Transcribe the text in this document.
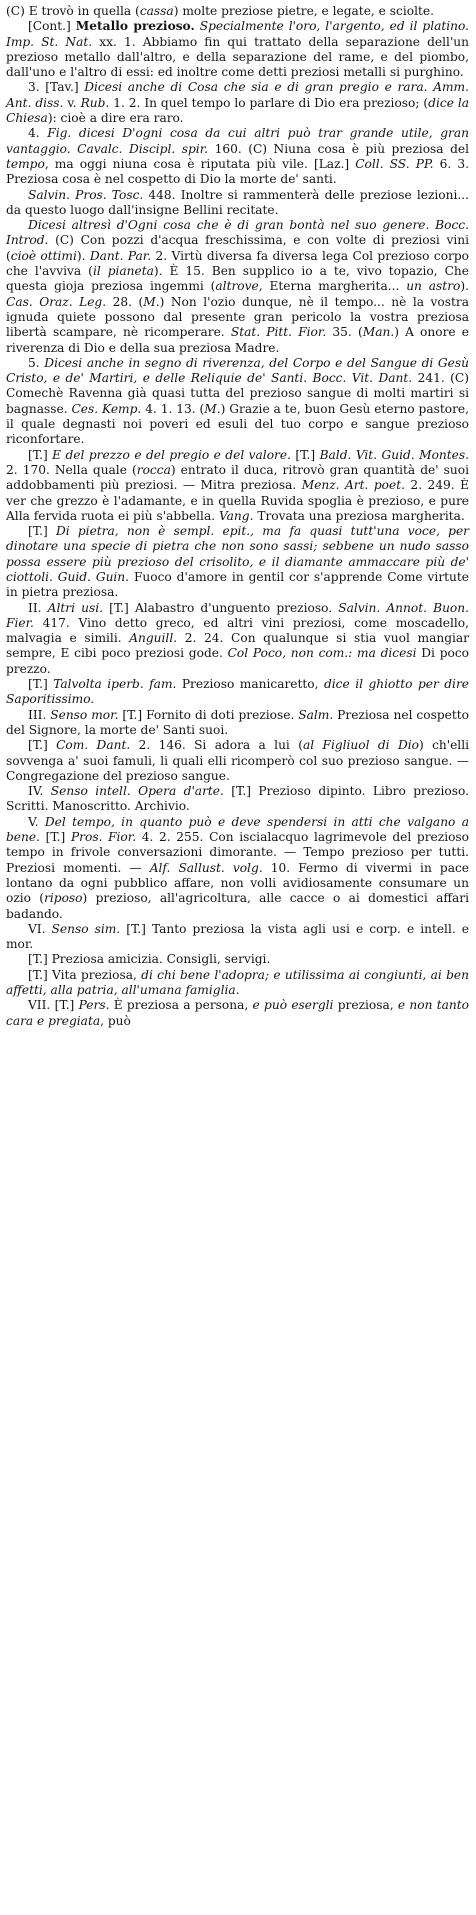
(C) E trovò in quella (cassa) molte preziose pietre, e legate, e sciolte.

[Cont.] Metallo prezioso. Specialmente l'oro, l'argento, ed il platino. Imp. St. Nat. xx. 1. Abbiamo fin qui trattato della separazione dell'un prezioso metallo dall'altro, e della separazione del rame, e del piombo, dall'uno e l'altro di essi: ed inoltre come detti preziosi metalli si purghino.

3. [Tav.] Dicesi anche di Cosa che sia e di gran pregio e rara. Amm. Ant. diss. v. Rub. 1. 2. In quel tempo lo parlare di Dio era prezioso; (dice la Chiesa): cioè a dire era raro.

4. Fig. dicesi D'ogni cosa da cui altri può trar grande utile, gran vantaggio. Cavalc. Discipl. spir. 160. (C) Niuna cosa è più preziosa del tempo, ma oggi niuna cosa è riputata più vile. [Laz.] Coll. SS. PP. 6. 3. Preziosa cosa è nel cospetto di Dio la morte de' santi.

Salvin. Pros. Tosc. 448. Inoltre si rammenterà delle preziose lezioni... da questo luogo dall'insigne Bellini recitate.

Dicesi altresì d'Ogni cosa che è di gran bontà nel suo genere. Bocc. Introd. (C) Con pozzi d'acqua freschissima, e con volte di preziosi vini (cioè ottimi). Dant. Par. 2. Virtù diversa fa diversa lega Col prezioso corpo che l'avviva (il pianeta). È 15. Ben supplico io a te, vivo topazio, Che questa gioja preziosa ingemmi (altrove, Eterna margherita... un astro). Cas. Oraz. Leg. 28. (M.) Non l'ozio dunque, nè il tempo... nè la vostra ignuda quiete possono dal presente gran pericolo la vostra preziosa libertà scampare, nè ricomperare. Stat. Pitt. Fior. 35. (Man.) A onore e riverenza di Dio e della sua preziosa Madre.

5. Dicesi anche in segno di riverenza, del Corpo e del Sangue di Gesù Cristo, e de' Martiri, e delle Reliquie de' Santi. Bocc. Vit. Dant. 241. (C) Comechè Ravenna già quasi tutta del prezioso sangue di molti martiri si bagnasse. Ces. Kemp. 4. 1. 13. (M.) Grazie a te, buon Gesù eterno pastore, il quale degnasti noi poveri ed esuli del tuo corpo e sangue prezioso riconfortare.

[T.] E del prezzo e del pregio e del valore. [T.] Bald. Vit. Guid. Montes. 2. 170. Nella quale (rocca) entrato il duca, ritrovò gran quantità de' suoi addobbamenti più preziosi. — Mitra preziosa. Menz. Art. poet. 2. 249. È ver che grezzo è l'adamante, e in quella Ruvida spoglia è prezioso, e pure Alla fervida ruota ei più s'abbella. Vang. Trovata una preziosa margherita.

[T.] Di pietra, non è sempl. epit., ma fa quasi tutt'una voce, per dinotare una specie di pietra che non sono sassi; sebbene un nudo sasso possa essere più prezioso del crisolito, e il diamante ammaccare più de' ciottoli. Guid. Guin. Fuoco d'amore in gentil cor s'apprende Come virtute in pietra preziosa.

II. Altri usi. [T.] Alabastro d'unguento prezioso. Salvin. Annot. Buon. Fier. 417. Vino detto greco, ed altri vini preziosi, come moscadello, malvagia e simili. Anguill. 2. 24. Con qualunque si stia vuol mangiar sempre, E cibi poco preziosi gode. Col Poco, non com.: ma dicesi Di poco prezzo.

[T.] Talvolta iperb. fam. Prezioso manicaretto, dice il ghiotto per dire Saporitissimo.

III. Senso mor. [T.] Fornito di doti preziose. Salm. Preziosa nel cospetto del Signore, la morte de' Santi suoi.

[T.] Com. Dant. 2. 146. Si adora a lui (al Figliuol di Dio) ch'elli sovvenga a' suoi famuli, li quali elli ricomperò col suo prezioso sangue. — Congregazione del prezioso sangue.

IV. Senso intell. Opera d'arte. [T.] Prezioso dipinto. Libro prezioso. Scritti. Manoscritto. Archivio.

V. Del tempo, in quanto può e deve spendersi in atti che valgano a bene. [T.] Pros. Fior. 4. 2. 255. Con iscialacquo lagrimevole del prezioso tempo in frivole conversazioni dimorante. — Tempo prezioso per tutti. Preziosi momenti. — Alf. Sallust. volg. 10. Fermo di vivermi in pace lontano da ogni pubblico affare, non volli avidiosamente consumare un ozio (riposo) prezioso, all'agricoltura, alle cacce o ai domestici affari badando.

VI. Senso sim. [T.] Tanto preziosa la vista agli usi e corp. e intell. e mor.

[T.] Preziosa amicizia. Consigli, servigi.

[T.] Vita preziosa, di chi bene l'adopra; e utilissima ai congiunti, ai ben affetti, alla patria, all'umana famiglia.

VII. [T.] Pers. È preziosa a persona, e può esergli preziosa, e non tanto cara e pregiata, può
